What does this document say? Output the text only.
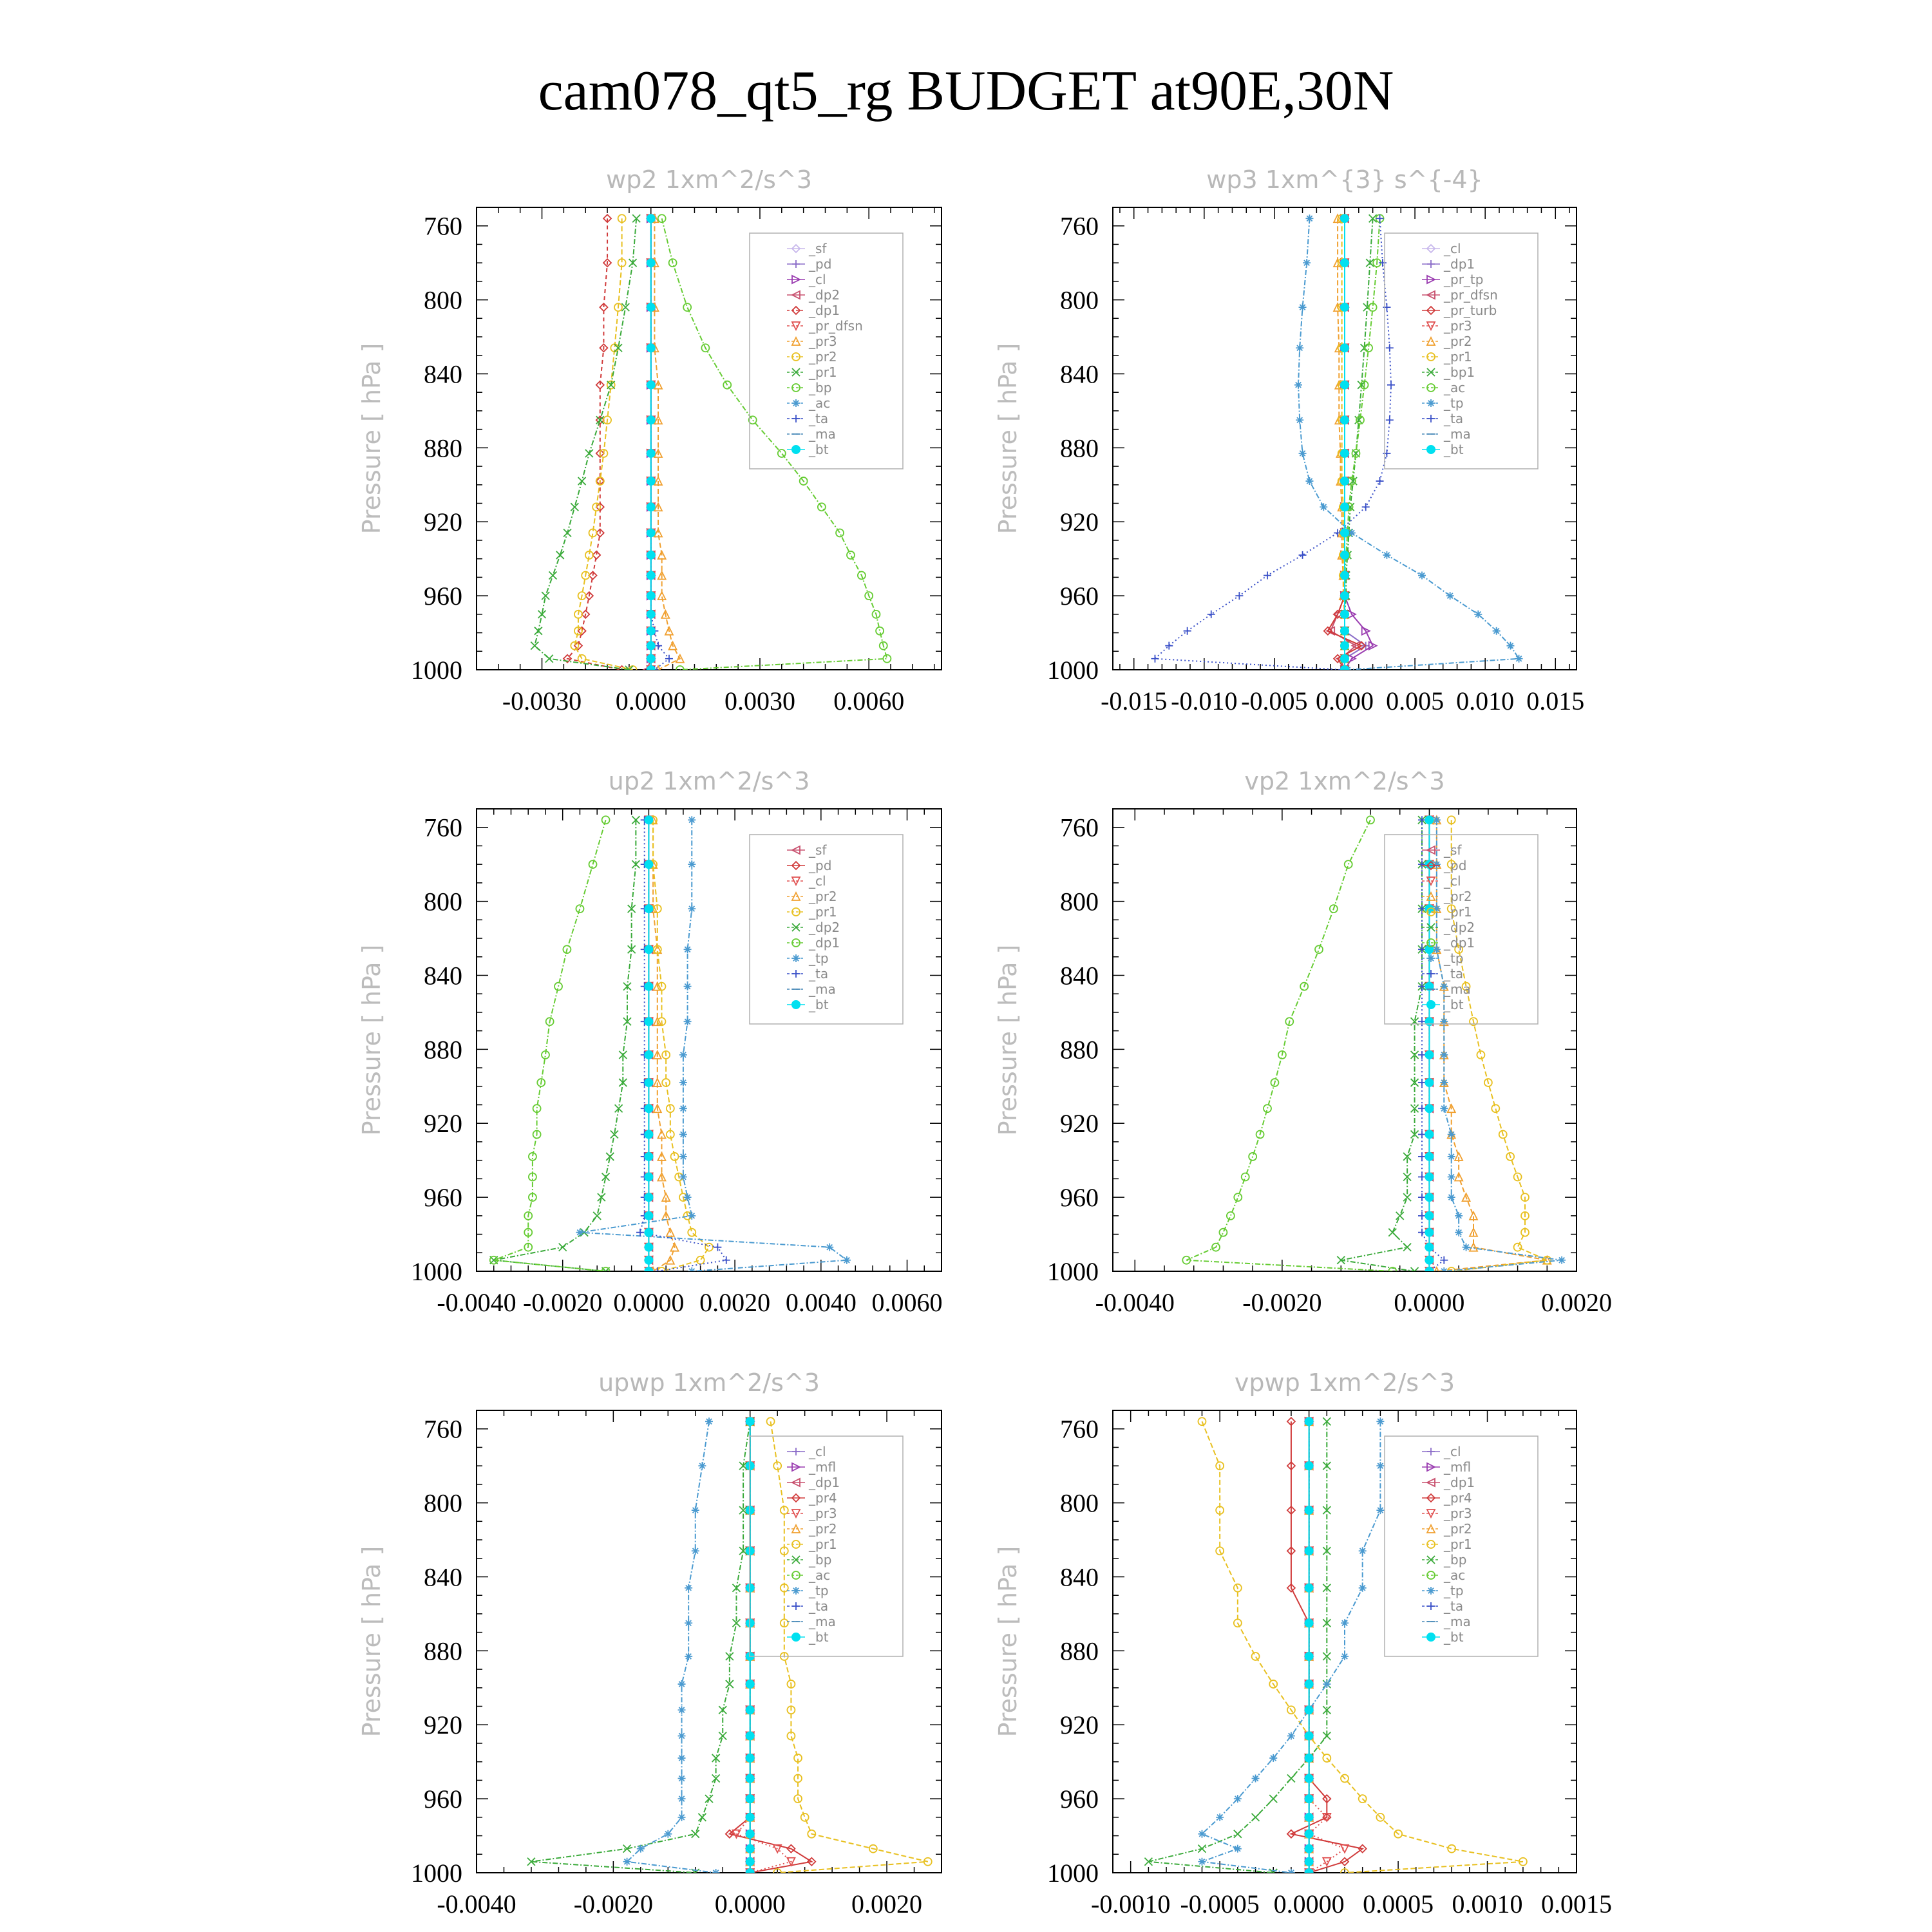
cam078_qt5_rg BUDGET at90E,30N
wp2 1xm^2/s^3
Pressure [ hPa ]
760
800
840
880
920
960
1000
-0.0030 0.0000 0.0030 0.0060
_sf
_pd
_cl
_dp2
_dp1
_pr_dfsn
_pr3
_pr2
_pr1
_bp
_ac
_ta
_ma
_bt
wp3 1xm^{3} s^{-4}
Pressure [ hPa ]
760
800
840
880
920
960
1000
-0.015 -0.010 -0.005 0.000 0.005 0.010 0.015
_cl
_dp1
_pr_tp
_pr_dfsn
_pr_turb
_pr3
_pr2
_pr1
_bp1
_ac
_tp
_ta
_ma
_bt
up2 1xm^2/s^3
Pressure [ hPa ]
760
800
840
880
920
960
1000
-0.0040 -0.0020 0.0000 0.0020 0.0040 0.0060
_sf
_pd
_cl
_pr2
_pr1
_dp2
_dp1
_tp
_ta
_ma
_bt
vp2 1xm^2/s^3
Pressure [ hPa ]
760
800
840
880
920
960
1000
-0.0040	-0.0020	0.0000	0.0020
_sf
_pd
_cl
_pr2
_pr1
_dp2
_dp1
_tp
_ta
_ma
_bt
upwp 1xm^2/s^3
Pressure [ hPa ]
760
800
840
880
920
960
1000
-0.0040 -0.0020 0.0000	0.0020
_cl
_mfl
_dp1
_pr4
_pr3
_pr2
_pr1
_bp
_ac
_tp
_ta
_ma
_bt
vpwp 1xm^2/s^3
Pressure [ hPa ]
760
800
840
880
920
960
1000
-0.0010 -0.0005 0.0000 0.0005 0.0010 0.0015
_cl
_mfl
_dp1
_pr4
_pr3
_pr2
_pr1
_bp
_ac
_tp
_ta
_ma
_bt
